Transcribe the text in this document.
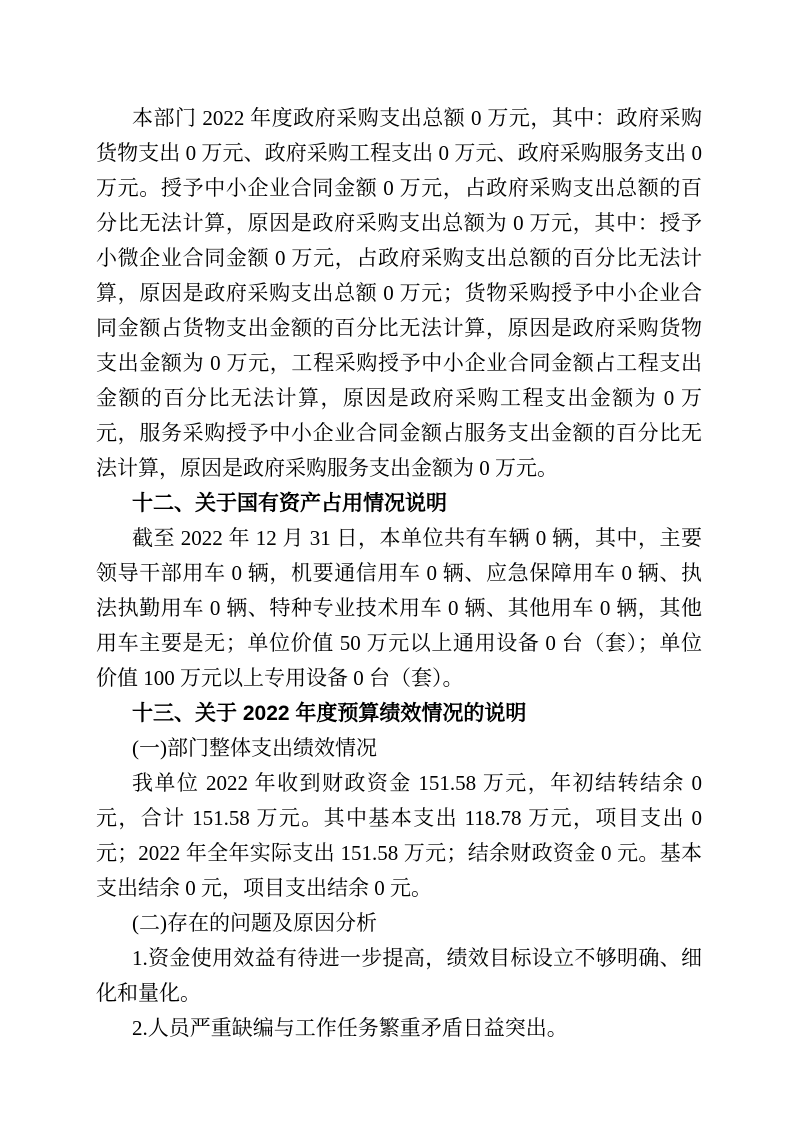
本部门 2022 年度政府采购支出总额 0 万元，其中：政府采购货物支出 0 万元、政府采购工程支出 0 万元、政府采购服务支出 0 万元。授予中小企业合同金额 0 万元，占政府采购支出总额的百分比无法计算，原因是政府采购支出总额为 0 万元，其中：授予小微企业合同金额 0 万元，占政府采购支出总额的百分比无法计算，原因是政府采购支出总额 0 万元；货物采购授予中小企业合同金额占货物支出金额的百分比无法计算，原因是政府采购货物支出金额为 0 万元，工程采购授予中小企业合同金额占工程支出金额的百分比无法计算，原因是政府采购工程支出金额为 0 万元，服务采购授予中小企业合同金额占服务支出金额的百分比无法计算，原因是政府采购服务支出金额为 0 万元。

十二、关于国有资产占用情况说明

截至 2022 年 12 月 31 日，本单位共有车辆 0 辆，其中，主要领导干部用车 0 辆，机要通信用车 0 辆、应急保障用车 0 辆、执法执勤用车 0 辆、特种专业技术用车 0 辆、其他用车 0 辆，其他用车主要是无；单位价值 50 万元以上通用设备 0 台（套）；单位价值 100 万元以上专用设备 0 台（套）。

十三、关于 2022 年度预算绩效情况的说明

(一)部门整体支出绩效情况

我单位 2022 年收到财政资金 151.58 万元，年初结转结余 0 元，合计 151.58 万元。其中基本支出 118.78 万元，项目支出 0 元；2022 年全年实际支出 151.58 万元；结余财政资金 0 元。基本支出结余 0 元，项目支出结余 0 元。

(二)存在的问题及原因分析

1.资金使用效益有待进一步提高，绩效目标设立不够明确、细化和量化。

2.人员严重缺编与工作任务繁重矛盾日益突出。
